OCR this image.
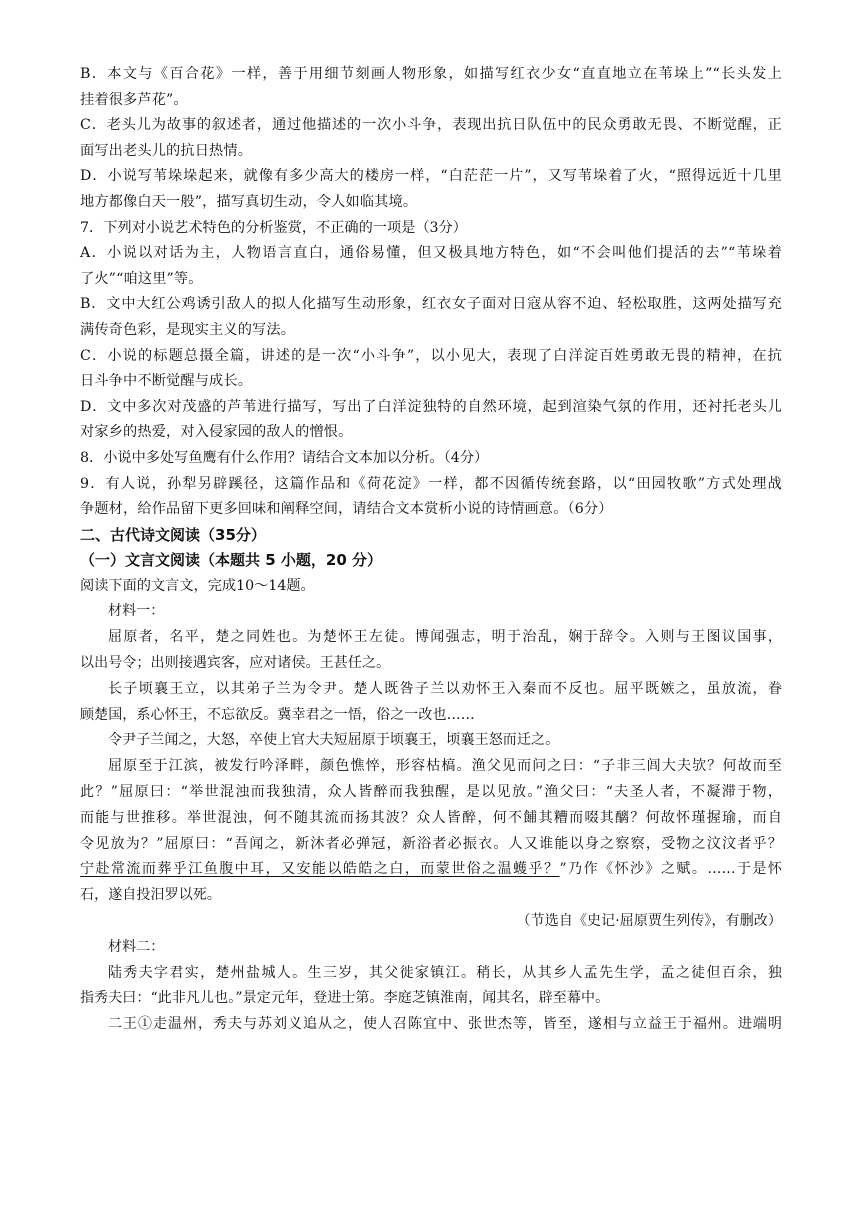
B．本文与《百合花》一样，善于用细节刻画人物形象，如描写红衣少女“直直地立在苇垛上”“长头发上
挂着很多芦花”。
C．老头儿为故事的叙述者，通过他描述的一次小斗争，表现出抗日队伍中的民众勇敢无畏、不断觉醒，正
面写出老头儿的抗日热情。
D．小说写苇垛垛起来，就像有多少高大的楼房一样，“白茫茫一片”，又写苇垛着了火，“照得远近十几里
地方都像白天一般”，描写真切生动，令人如临其境。
7．下列对小说艺术特色的分析鉴赏，不正确的一项是（3分）
A．小说以对话为主，人物语言直白，通俗易懂，但又极具地方特色，如“不会叫他们提活的去”“苇垛着
了火”“咱这里”等。
B．文中大红公鸡诱引敌人的拟人化描写生动形象，红衣女子面对日寇从容不迫、轻松取胜，这两处描写充
满传奇色彩，是现实主义的写法。
C．小说的标题总摄全篇，讲述的是一次“小斗争”，以小见大，表现了白洋淀百姓勇敢无畏的精神，在抗
日斗争中不断觉醒与成长。
D．文中多次对茂盛的芦苇进行描写，写出了白洋淀独特的自然环境，起到渲染气氛的作用，还衬托老头儿
对家乡的热爱，对入侵家园的敌人的憎恨。
8．小说中多处写鱼鹰有什么作用？请结合文本加以分析。（4分）
9．有人说，孙犁另辟蹊径，这篇作品和《荷花淀》一样，都不因循传统套路，以“田园牧歌”方式处理战
争题材，给作品留下更多回味和阐释空间，请结合文本赏析小说的诗情画意。（6分）
二、古代诗文阅读（35分）
（一）文言文阅读（本题共 5 小题，20 分）
阅读下面的文言文，完成10～14题。
材料一：
屈原者，名平，楚之同姓也。为楚怀王左徒。博闻强志，明于治乱，娴于辞令。入则与王图议国事，
以出号令；出则接遇宾客，应对诸侯。王甚任之。
长子顷襄王立，以其弟子兰为令尹。楚人既咎子兰以劝怀王入秦而不反也。屈平既嫉之，虽放流，眷
顾楚国，系心怀王，不忘欲反。冀幸君之一悟，俗之一改也……
令尹子兰闻之，大怒，卒使上官大夫短屈原于顷襄王，顷襄王怒而迁之。
屈原至于江滨，被发行吟泽畔，颜色憔悴，形容枯槁。渔父见而问之曰：“子非三闾大夫欤？何故而至
此？”屈原曰：“举世混浊而我独清，众人皆醉而我独醒，是以见放。”渔父曰：“夫圣人者，不凝滞于物，
而能与世推移。举世混浊，何不随其流而扬其波？众人皆醉，何不餔其糟而啜其醨？何故怀瑾握瑜，而自
令见放为？”屈原曰：“吾闻之，新沐者必弹冠，新浴者必振衣。人又谁能以身之察察，受物之汶汶者乎？
宁赴常流而葬乎江鱼腹中耳，又安能以皓皓之白，而蒙世俗之温蠖乎？”乃作《怀沙》之赋。……于是怀
石，遂自投汨罗以死。
（节选自《史记·屈原贾生列传》，有删改）
材料二：
陆秀夫字君实，楚州盐城人。生三岁，其父徙家镇江。稍长，从其乡人孟先生学，孟之徒但百余，独
指秀夫曰：“此非凡儿也。”景定元年，登进士第。李庭芝镇淮南，闻其名，辟至幕中。
二王①走温州，秀夫与苏刘义追从之，使人召陈宜中、张世杰等，皆至，遂相与立益王于福州。进端明
